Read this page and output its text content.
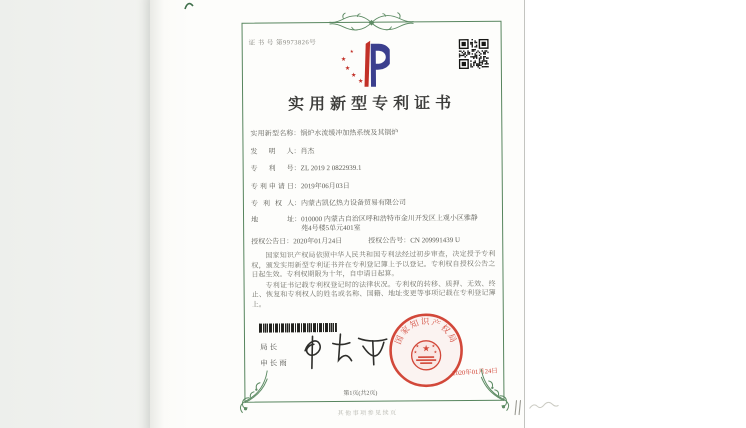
证 书 号 第9973826号
★
★
★
★
★
实用新型专利证书
实用新型名称 ： 锅炉水流缓冲加热系统及其锅炉
发明人 ： 肖杰
专利号 ： ZL 2019 2 0822939.1
专利申请日 ： 2019年06月03日
专利权人 ： 内蒙古凯亿热力设备贸易有限公司
地址 ： 010000 内蒙古自治区呼和浩特市金川开发区上观小区雅静苑4号楼5单元401室
授权公告日 ： 2020年01月24日	授权公告号 ： CN 209991439 U

国家知识产权局依照中华人民共和国专利法经过初步审查，决定授予专利权，颁发实用新型专利证书并在专利登记簿上予以登记。专利权自授权公告之日起生效。专利权期限为十年，自申请日起算。

专利证书记载专利权登记时的法律状况。专利权的转移、质押、无效、终止、恢复和专利权人的姓名或名称、国籍、地址变更等事项记载在专利登记簿上。

局长
申长雨
国家知识产权局
★
★	★
★	★
2020年01月24日
第1页(共2页)
其他事项参见续页
